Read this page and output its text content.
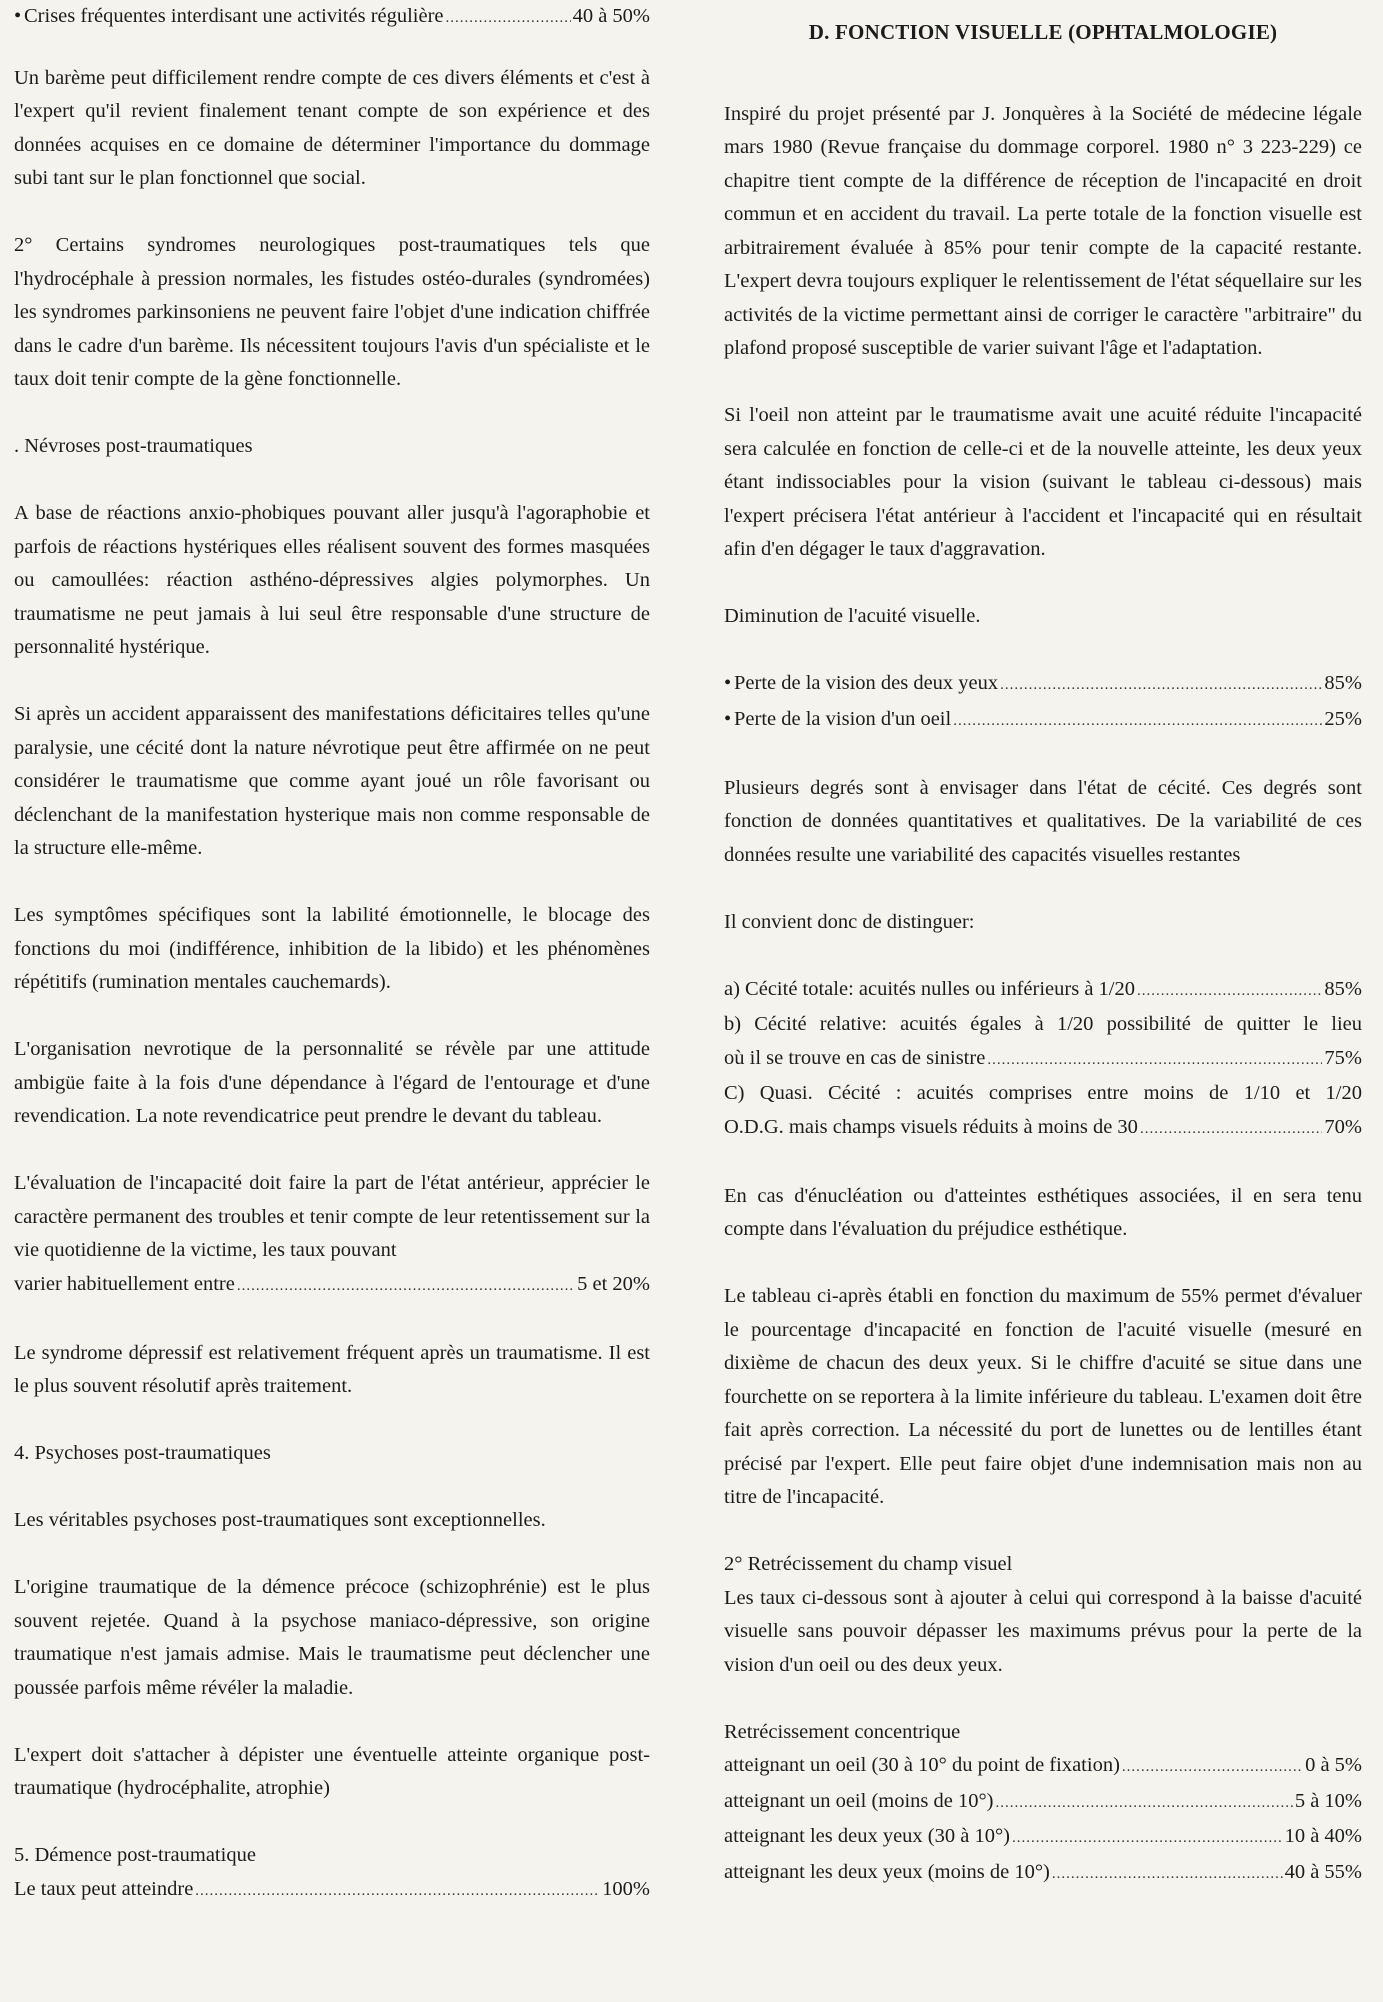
• Crises fréquentes interdisant une activités régulière .....	40 à 50%

Un barème peut difficilement rendre compte de ces divers éléments et c'est à l'expert qu'il revient finalement tenant compte de son expérience et des données acquises en ce domaine de déterminer l'importance du dommage subi tant sur le plan fonctionnel que social.

2° Certains syndromes neurologiques post-traumatiques tels que l'hydrocéphale à pression normales, les fistudes ostéo-durales (syndromées) les syndromes parkinsoniens ne peuvent faire l'objet d'une indication chiffrée dans le cadre d'un barème. Ils nécessitent toujours l'avis d'un spécialiste et le taux doit tenir compte de la gène fonctionnelle.

. Névroses post-traumatiques

A base de réactions anxio-phobiques pouvant aller jusqu'à l'agoraphobie et parfois de réactions hystériques elles réalisent souvent des formes masquées ou camoullées: réaction asthéno-dépressives algies polymorphes. Un traumatisme ne peut jamais à lui seul être responsable d'une structure de personnalité hystérique.

Si après un accident apparaissent des manifestations déficitaires telles qu'une paralysie, une cécité dont la nature névrotique peut être affirmée on ne peut considérer le traumatisme que comme ayant joué un rôle favorisant ou déclenchant de la manifestation hysterique mais non comme responsable de la structure elle-même.

Les symptômes spécifiques sont la labilité émotionnelle, le blocage des fonctions du moi (indifférence, inhibition de la libido) et les phénomènes répétitifs (rumination mentales cauchemards).

L'organisation nevrotique de la personnalité se révèle par une attitude ambigüe faite à la fois d'une dépendance à l'égard de l'entourage et d'une revendication. La note revendicatrice peut prendre le devant du tableau.

L'évaluation de l'incapacité doit faire la part de l'état antérieur, apprécier le caractère permanent des troubles et tenir compte de leur retentissement sur la vie quotidienne de la victime, les taux pouvant

varier habituellement entre .....	5 et 20%

Le syndrome dépressif est relativement fréquent après un traumatisme. Il est le plus souvent résolutif après traitement.

4. Psychoses post-traumatiques

Les véritables psychoses post-traumatiques sont exceptionnelles.

L'origine traumatique de la démence précoce (schizophrénie) est le plus souvent rejetée. Quand à la psychose maniaco-dépressive, son origine traumatique n'est jamais admise. Mais le traumatisme peut déclencher une poussée parfois même révéler la maladie.

L'expert doit s'attacher à dépister une éventuelle atteinte organique post-traumatique (hydrocéphalite, atrophie)

5. Démence post-traumatique

Le taux peut atteindre .....	100%
D. FONCTION VISUELLE (OPHTALMOLOGIE)

Inspiré du projet présenté par J. Jonquères à la Société de médecine légale mars 1980 (Revue française du dommage corporel. 1980 n° 3 223-229) ce chapitre tient compte de la différence de réception de l'incapacité en droit commun et en accident du travail. La perte totale de la fonction visuelle est arbitrairement évaluée à 85% pour tenir compte de la capacité restante. L'expert devra toujours expliquer le relentissement de l'état séquellaire sur les activités de la victime permettant ainsi de corriger le caractère "arbitraire" du plafond proposé susceptible de varier suivant l'âge et l'adaptation.

Si l'oeil non atteint par le traumatisme avait une acuité réduite l'incapacité sera calculée en fonction de celle-ci et de la nouvelle atteinte, les deux yeux étant indissociables pour la vision (suivant le tableau ci-dessous) mais l'expert précisera l'état antérieur à l'accident et l'incapacité qui en résultait afin d'en dégager le taux d'aggravation.

Diminution de l'acuité visuelle.

• Perte de la vision des deux yeux .....	85%
• Perte de la vision d'un oeil .....	25%

Plusieurs degrés sont à envisager dans l'état de cécité. Ces degrés sont fonction de données quantitatives et qualitatives. De la variabilité de ces données resulte une variabilité des capacités visuelles restantes

Il convient donc de distinguer:

a) Cécité totale: acuités nulles ou inférieurs à 1/20 .....	85%
b) Cécité relative: acuités égales à 1/20 possibilité de quitter le lieu
où il se trouve en cas de sinistre .....	75%
C) Quasi. Cécité : acuités comprises entre moins de 1/10 et 1/20
O.D.G. mais champs visuels réduits à moins de 30 .....	70%

En cas d'énucléation ou d'atteintes esthétiques associées, il en sera tenu compte dans l'évaluation du préjudice esthétique.

Le tableau ci-après établi en fonction du maximum de 55% permet d'évaluer le pourcentage d'incapacité en fonction de l'acuité visuelle (mesuré en dixième de chacun des deux yeux. Si le chiffre d'acuité se situe dans une fourchette on se reportera à la limite inférieure du tableau. L'examen doit être fait après correction. La nécessité du port de lunettes ou de lentilles étant précisé par l'expert. Elle peut faire objet d'une indemnisation mais non au titre de l'incapacité.

2° Retrécissement du champ visuel

Les taux ci-dessous sont à ajouter à celui qui correspond à la baisse d'acuité visuelle sans pouvoir dépasser les maximums prévus pour la perte de la vision d'un oeil ou des deux yeux.

Retrécissement concentrique

atteignant un oeil (30 à 10° du point de fixation) .....	0 à 5%
atteignant un oeil (moins de 10°) .....	5 à 10%
atteignant les deux yeux (30 à 10°) .....	10 à 40%
atteignant les deux yeux (moins de 10°) .....	40 à 55%
